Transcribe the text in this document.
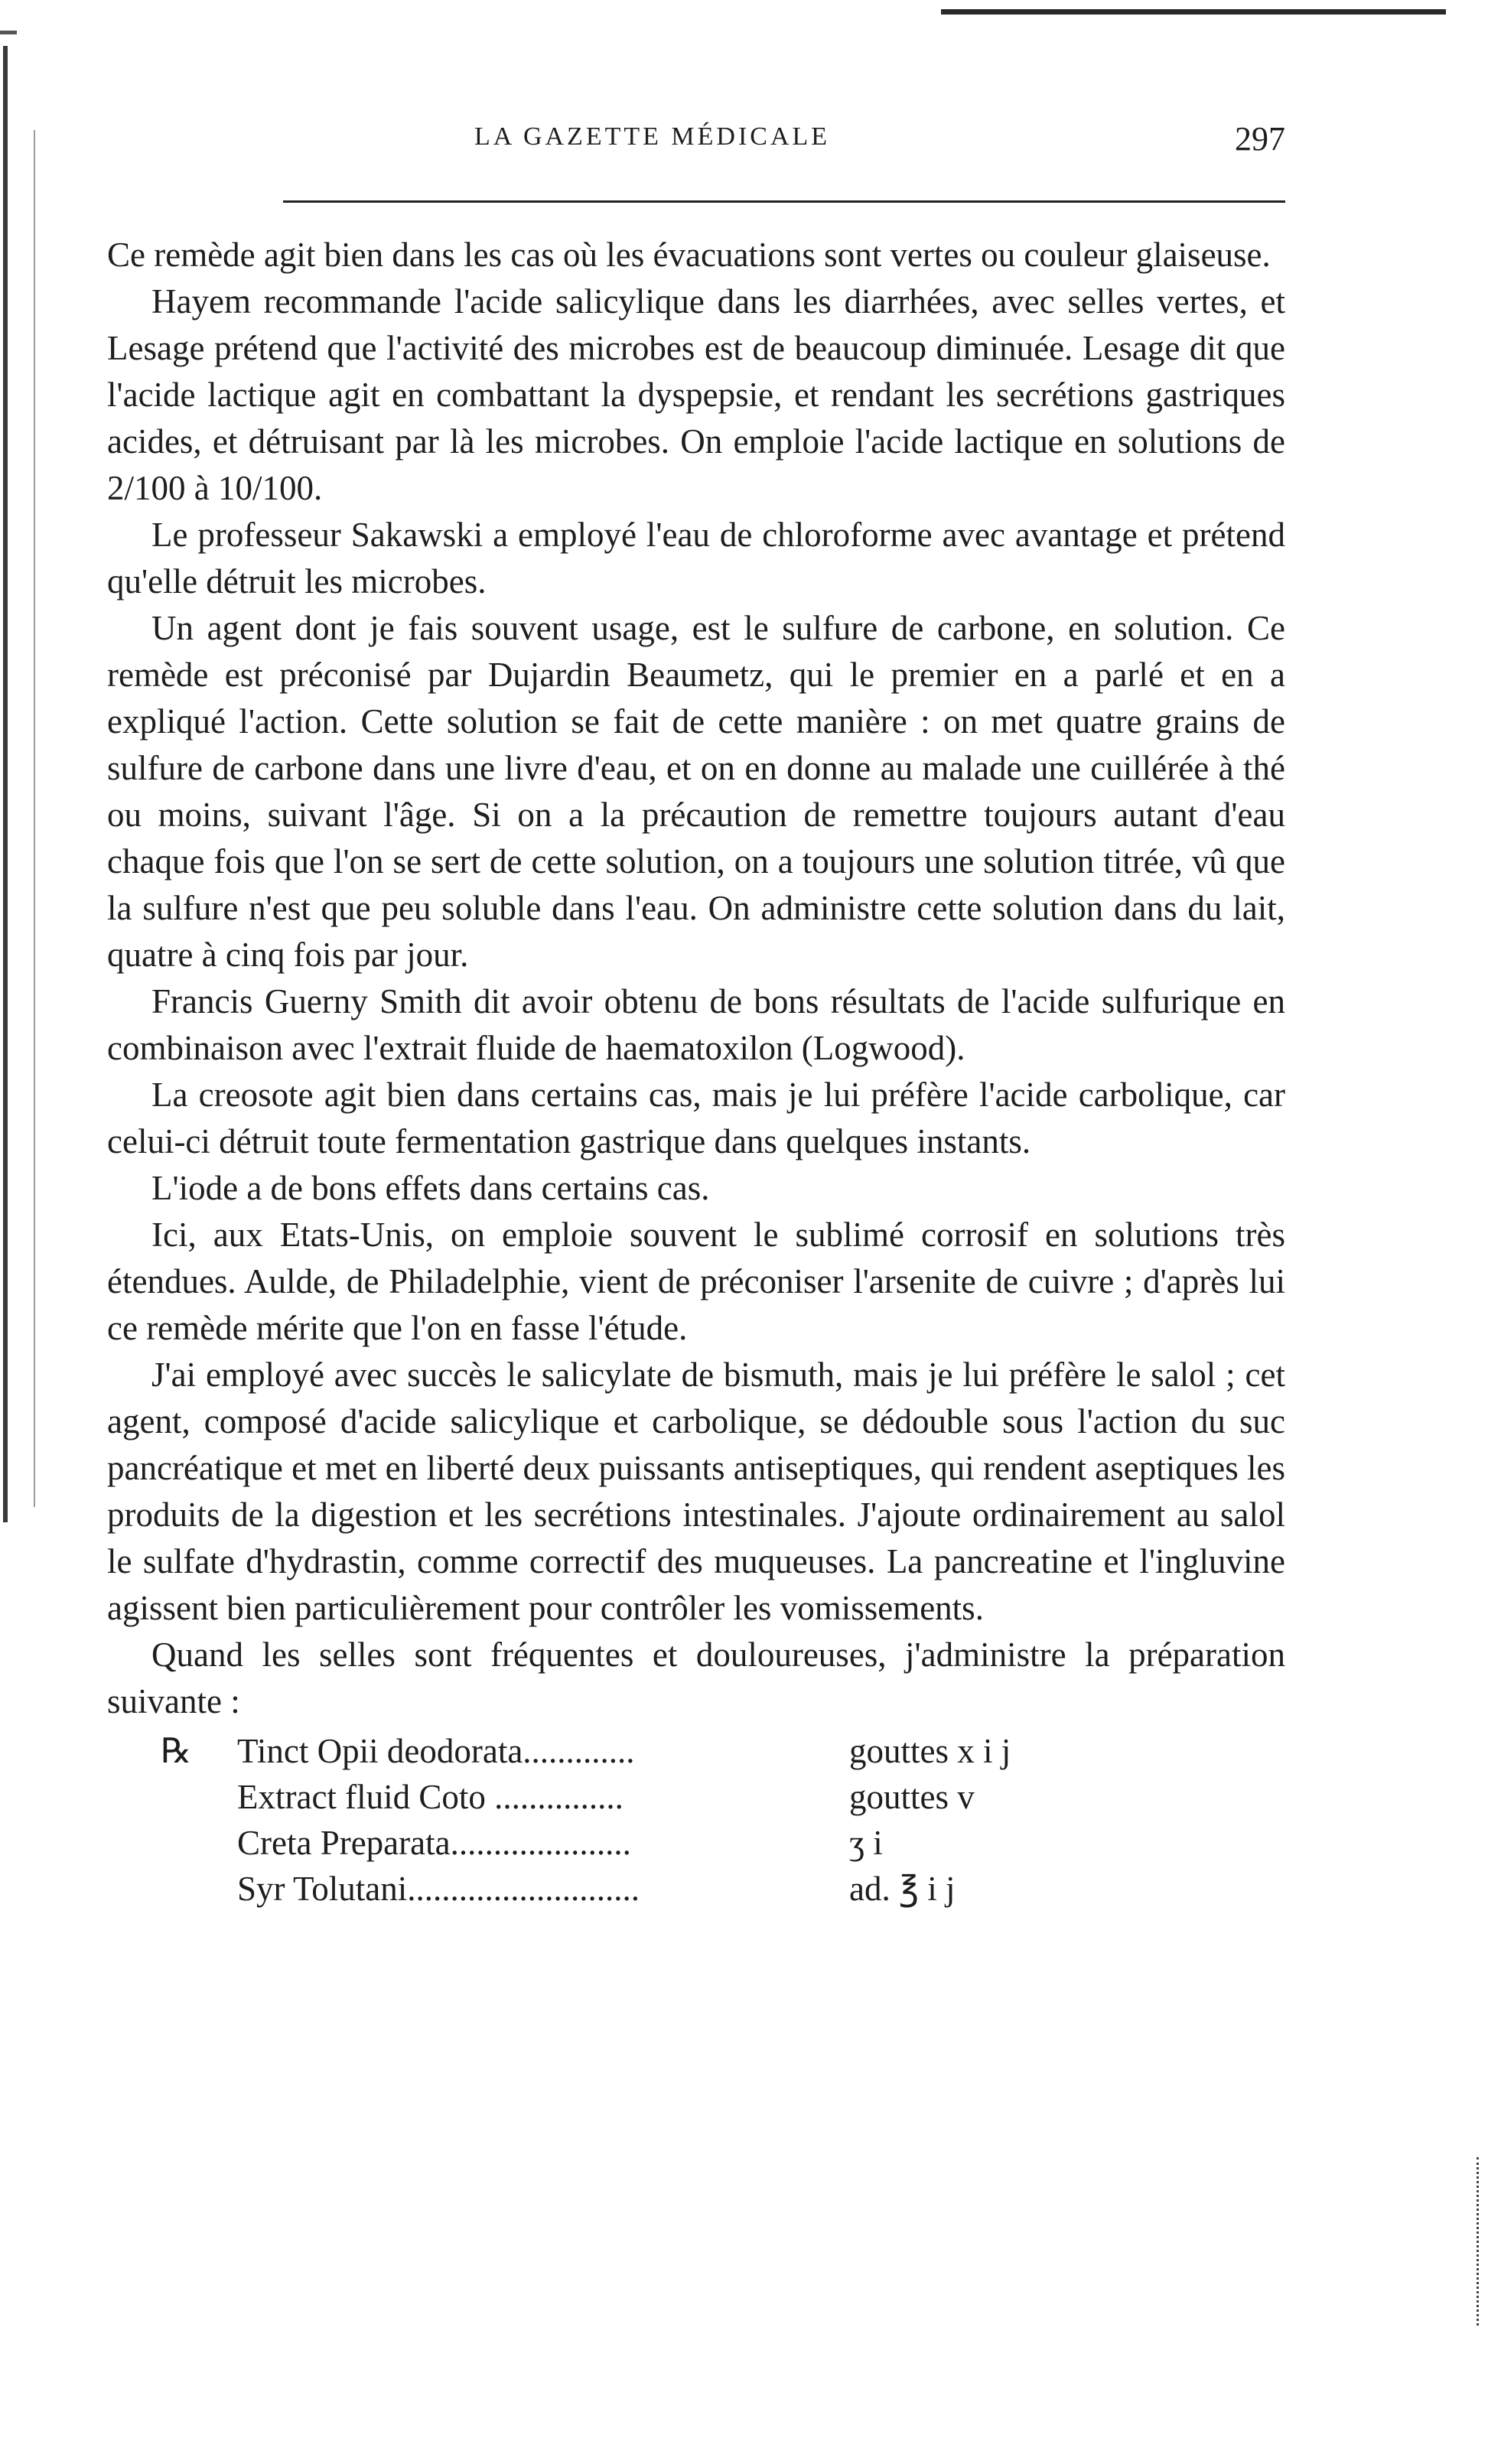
LA GAZETTE MÉDICALE	297

Ce remède agit bien dans les cas où les évacuations sont vertes ou couleur glaiseuse.

Hayem recommande l'acide salicylique dans les diarrhées, avec selles vertes, et Lesage prétend que l'activité des microbes est de beaucoup diminuée. Lesage dit que l'acide lactique agit en combattant la dyspepsie, et rendant les secrétions gastriques acides, et détruisant par là les microbes. On emploie l'acide lactique en solutions de 2/100 à 10/100.

Le professeur Sakawski a employé l'eau de chloroforme avec avantage et prétend qu'elle détruit les microbes.

Un agent dont je fais souvent usage, est le sulfure de carbone, en solution. Ce remède est préconisé par Dujardin Beaumetz, qui le premier en a parlé et en a expliqué l'action. Cette solution se fait de cette manière : on met quatre grains de sulfure de carbone dans une livre d'eau, et on en donne au malade une cuillérée à thé ou moins, suivant l'âge. Si on a la précaution de remettre toujours autant d'eau chaque fois que l'on se sert de cette solution, on a toujours une solution titrée, vû que la sulfure n'est que peu soluble dans l'eau. On administre cette solution dans du lait, quatre à cinq fois par jour.

Francis Guerny Smith dit avoir obtenu de bons résultats de l'acide sulfurique en combinaison avec l'extrait fluide de haematoxilon (Logwood).

La creosote agit bien dans certains cas, mais je lui préfère l'acide carbolique, car celui-ci détruit toute fermentation gastrique dans quelques instants.

L'iode a de bons effets dans certains cas.

Ici, aux Etats-Unis, on emploie souvent le sublimé corrosif en solutions très étendues. Aulde, de Philadelphie, vient de préconiser l'arsenite de cuivre ; d'après lui ce remède mérite que l'on en fasse l'étude.

J'ai employé avec succès le salicylate de bismuth, mais je lui préfère le salol ; cet agent, composé d'acide salicylique et carbolique, se dédouble sous l'action du suc pancréatique et met en liberté deux puissants antiseptiques, qui rendent aseptiques les produits de la digestion et les secrétions intestinales. J'ajoute ordinairement au salol le sulfate d'hydrastin, comme correctif des muqueuses. La pancreatine et l'ingluvine agissent bien particulièrement pour contrôler les vomissements.

Quand les selles sont fréquentes et douloureuses, j'administre la préparation suivante :

℞	Tinct Opii deodorata.............	gouttes x i j
Extract fluid Coto ...............	gouttes v
Creta Preparata.....................	ʒ i
Syr Tolutani...........................	ad. ℥ i j
